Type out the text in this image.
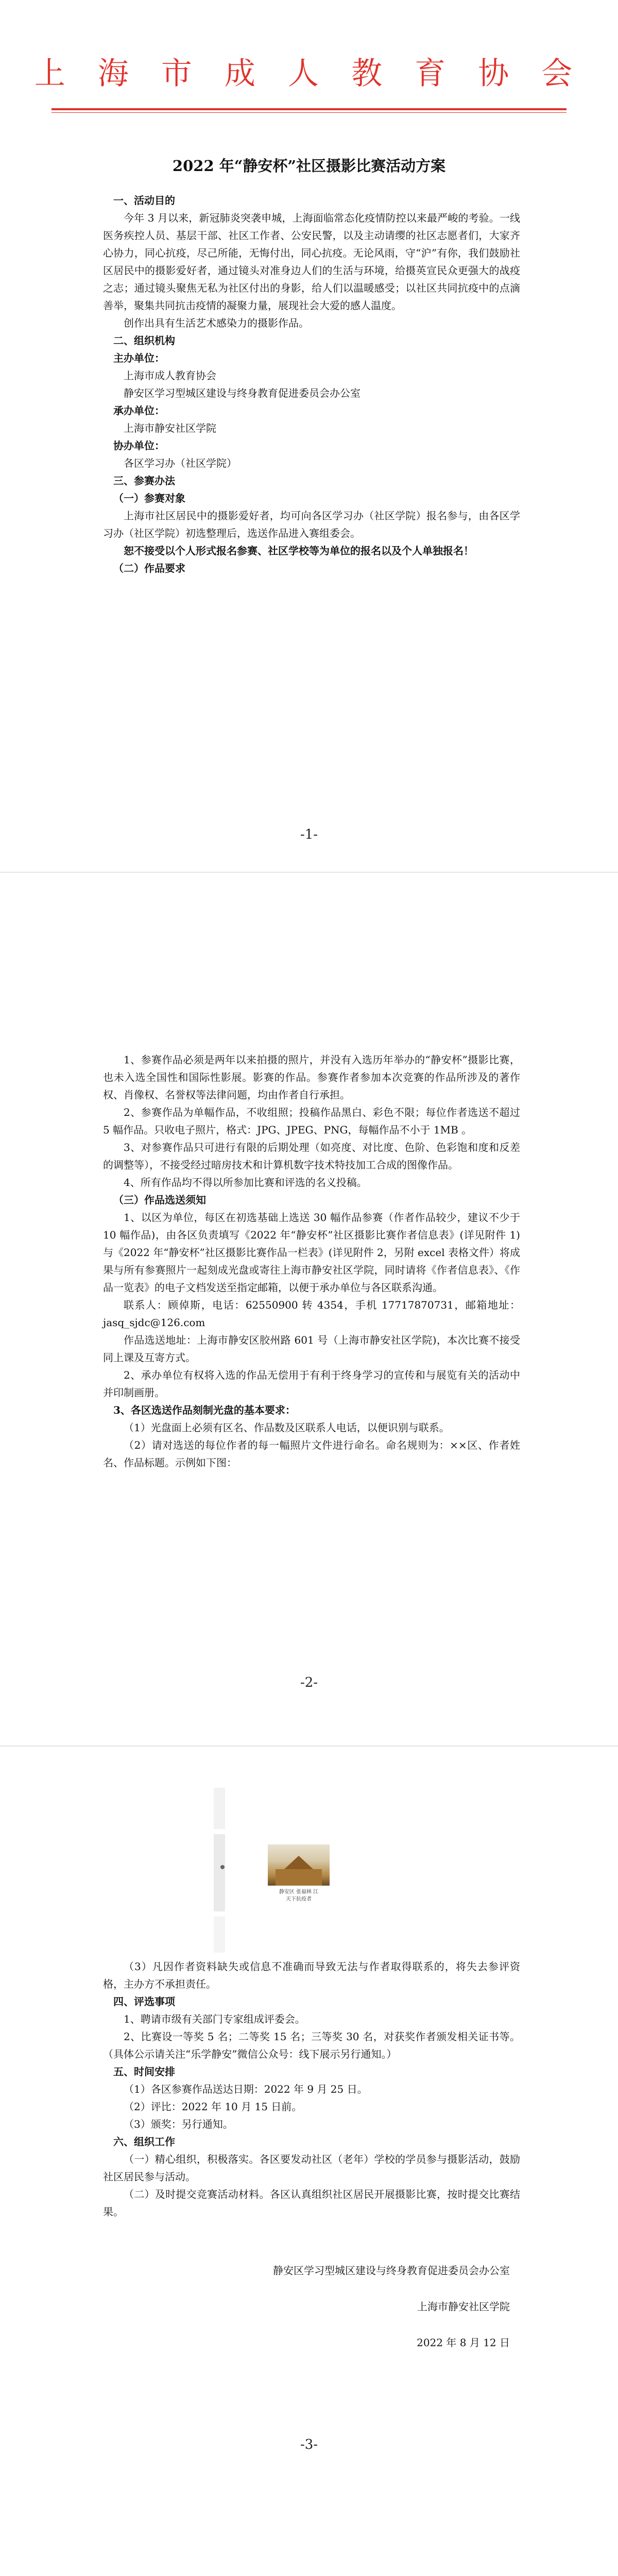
上 海 市 成 人 教 育 协 会
2022 年“静安杯”社区摄影比赛活动方案

一、活动目的

今年 3 月以来，新冠肺炎突袭申城，上海面临常态化疫情防控以来最严峻的考验。一线医务疾控人员、基层干部、社区工作者、公安民警，以及主动请缨的社区志愿者们，大家齐心协力，同心抗疫，尽己所能，无悔付出，同心抗疫。无论风雨，守“沪”有你，我们鼓励社区居民中的摄影爱好者，通过镜头对准身边人们的生活与环境，给摄英宣民众更强大的战疫之志；通过镜头聚焦无私为社区付出的身影，给人们以温暖感受；以社区共同抗疫中的点滴善举，聚集共同抗击疫情的凝聚力量，展现社会大爱的感人温度。

创作出具有生活艺术感染力的摄影作品。

二、组织机构

主办单位：

上海市成人教育协会

静安区学习型城区建设与终身教育促进委员会办公室

承办单位：

上海市静安社区学院

协办单位：

各区学习办（社区学院）

三、参赛办法

（一）参赛对象

上海市社区居民中的摄影爱好者，均可向各区学习办（社区学院）报名参与，由各区学习办（社区学院）初选整理后，选送作品进入赛组委会。

恕不接受以个人形式报名参赛、社区学校等为单位的报名以及个人单独报名！

（二）作品要求

-1-

1、参赛作品必须是两年以来拍摄的照片，并没有入选历年举办的“静安杯”摄影比赛，也未入选全国性和国际性影展。影赛的作品。参赛作者参加本次竞赛的作品所涉及的著作权、肖像权、名誉权等法律问题，均由作者自行承担。

2、参赛作品为单幅作品，不收组照；投稿作品黑白、彩色不限；每位作者选送不超过 5 幅作品。只收电子照片，格式：JPG、JPEG、PNG，每幅作品不小于 1MB 。

3、对参赛作品只可进行有限的后期处理（如亮度、对比度、色阶、色彩饱和度和反差的调整等），不接受经过暗房技术和计算机数字技术特技加工合成的图像作品。

4、所有作品均不得以所参加比赛和评选的名义投稿。

（三）作品选送须知

1、以区为单位，每区在初选基础上选送 30 幅作品参赛（作者作品较少，建议不少于 10 幅作品)，由各区负责填写《2022 年“静安杯”社区摄影比赛作者信息表》(详见附件 1)与《2022 年“静安杯”社区摄影比赛作品一栏表》(详见附件 2，另附 excel 表格文件）将成果与所有参赛照片一起刻成光盘或寄往上海市静安社区学院，同时请将《作者信息表》、《作品一览表》的电子文档发送至指定邮箱，以便于承办单位与各区联系沟通。

联系人：顾倬斯，电话：62550900 转 4354，手机 17717870731，邮箱地址：jasq_sjdc@126.com

作品选送地址：上海市静安区胶州路 601 号（上海市静安社区学院)，本次比赛不接受同上课及互寄方式。

2、承办单位有权将入选的作品无偿用于有利于终身学习的宣传和与展览有关的活动中并印制画册。

3、各区选送作品刻制光盘的基本要求：

（1）光盘面上必须有区名、作品数及区联系人电话，以便识别与联系。

（2）请对选送的每位作者的每一幅照片文件进行命名。命名规则为：××区、作者姓名、作品标题。示例如下图：

-2-
静安区 张福林 江
天下抗疫者

（3）凡因作者资料缺失或信息不准确而导致无法与作者取得联系的，将失去参评资格，主办方不承担责任。

四、评选事项

1、聘请市级有关部门专家组成评委会。

2、比赛设一等奖 5 名；二等奖 15 名；三等奖 30 名，对获奖作者颁发相关证书等。（具体公示请关注“乐学静安”微信公众号：线下展示另行通知。）

五、时间安排

（1）各区参赛作品送达日期：2022 年 9 月 25 日。

（2）评比：2022 年 10 月 15 日前。

（3）颁奖：另行通知。

六、组织工作

（一）精心组织，积极落实。各区要发动社区（老年）学校的学员参与摄影活动，鼓励社区居民参与活动。

（二）及时提交竞赛活动材料。各区认真组织社区居民开展摄影比赛，按时提交比赛结果。

静安区学习型城区建设与终身教育促进委员会办公室

上海市静安社区学院

2022 年 8 月 12 日

-3-
